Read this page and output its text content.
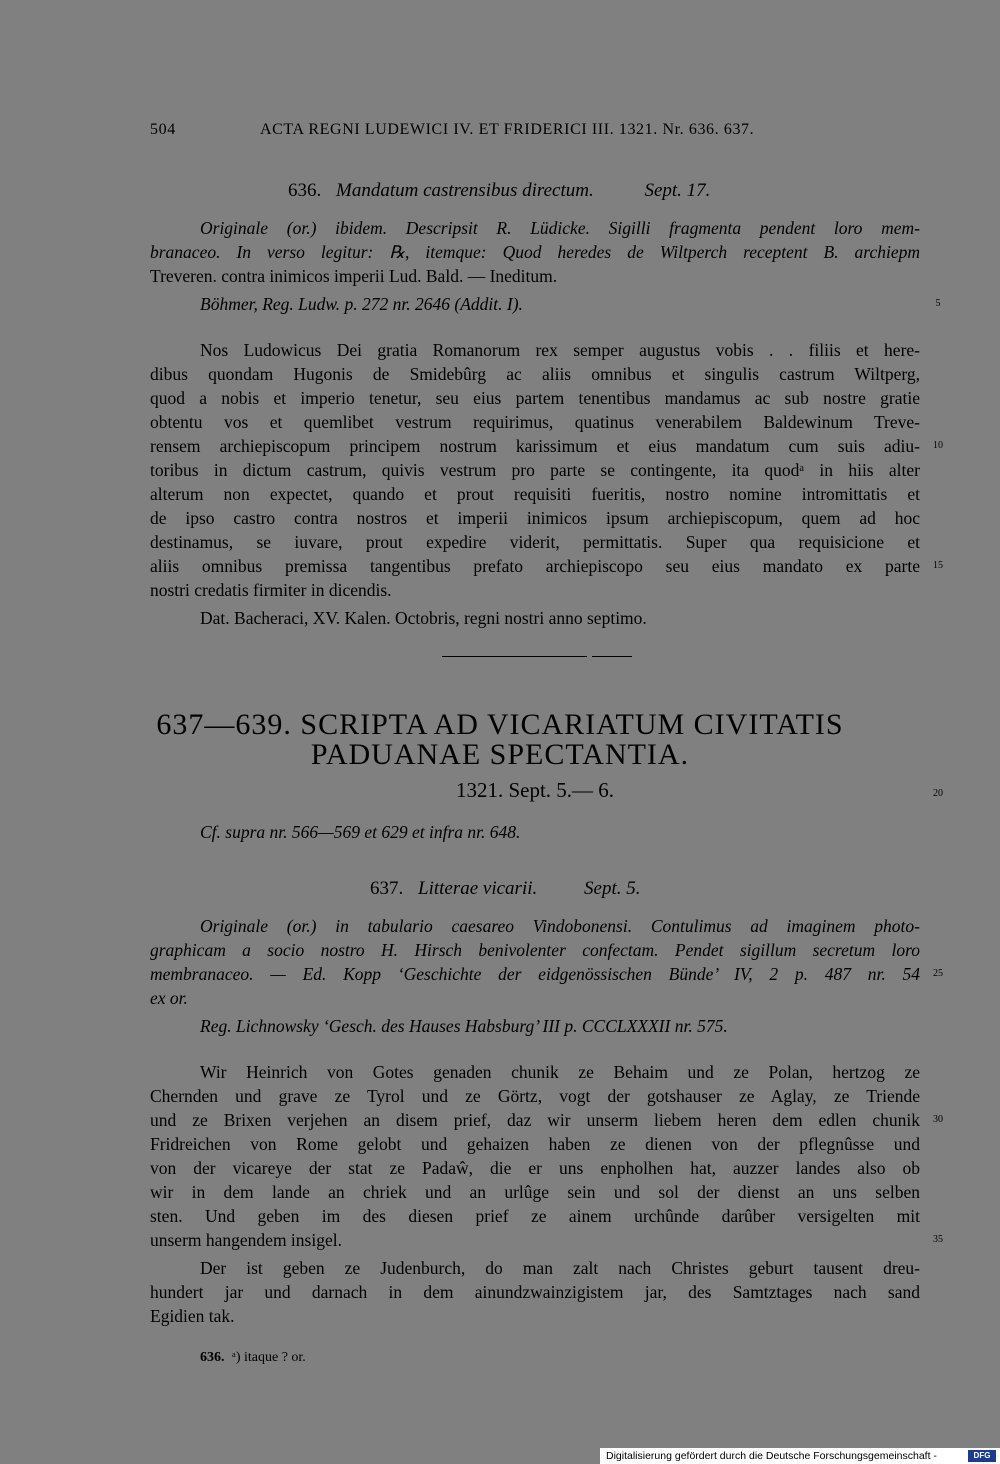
504	ACTA REGNI LUDEWICI IV. ET FRIDERICI III. 1321. Nr. 636. 637.
636. Mandatum castrensibus directum.	Sept. 17.
Originale (or.) ibidem. Descripsit R. Lüdicke. Sigilli fragmenta pendent loro mem-
branaceo. In verso legitur: ℞, itemque: Quod heredes de Wiltperch receptent B. archiepm
Treveren. contra inimicos imperii Lud. Bald. — Ineditum.
Böhmer, Reg. Ludw. p. 272 nr. 2646 (Addit. I).	5
Nos Ludowicus Dei gratia Romanorum rex semper augustus vobis . . filiis et here-
dibus quondam Hugonis de Smidebûrg ac aliis omnibus et singulis castrum Wiltperg,
quod a nobis et imperio tenetur, seu eius partem tenentibus mandamus ac sub nostre gratie
obtentu vos et quemlibet vestrum requirimus, quatinus venerabilem Baldewinum Treve-
rensem archiepiscopum principem nostrum karissimum et eius mandatum cum suis adiu-	10
toribus in dictum castrum, quivis vestrum pro parte se contingente, ita quodᵃ in hiis alter
alterum non expectet, quando et prout requisiti fueritis, nostro nomine intromittatis et
de ipso castro contra nostros et imperii inimicos ipsum archiepiscopum, quem ad hoc
destinamus, se iuvare, prout expedire viderit, permittatis. Super qua requisicione et
aliis omnibus premissa tangentibus prefato archiepiscopo seu eius mandato ex parte	15
nostri credatis firmiter in dicendis.
Dat. Bacheraci, XV. Kalen. Octobris, regni nostri anno septimo.
637—639. SCRIPTA AD VICARIATUM CIVITATIS
PADUANAE SPECTANTIA.
1321. Sept. 5.— 6.	20
Cf. supra nr. 566—569 et 629 et infra nr. 648.
637. Litterae vicarii. Sept. 5.
Originale (or.) in tabulario caesareo Vindobonensi. Contulimus ad imaginem photo-
graphicam a socio nostro H. Hirsch benivolenter confectam. Pendet sigillum secretum loro
membranaceo. — Ed. Kopp ‘Geschichte der eidgenössischen Bünde’ IV, 2 p. 487 nr. 54	25
ex or.
Reg. Lichnowsky ‘Gesch. des Hauses Habsburg’ III p. CCCLXXXII nr. 575.
Wir Heinrich von Gotes genaden chunik ze Behaim und ze Polan, hertzog ze
Chernden und grave ze Tyrol und ze Görtz, vogt der gotshauser ze Aglay, ze Triende
und ze Brixen verjehen an disem prief, daz wir unserm liebem heren dem edlen chunik	30
Fridreichen von Rome gelobt und gehaizen haben ze dienen von der pflegnûsse und
von der vicareye der stat ze Padaŵ, die er uns enpholhen hat, auzzer landes also ob
wir in dem lande an chriek und an urlûge sein und sol der dienst an uns selben
sten. Und geben im des diesen prief ze ainem urchûnde darûber versigelten mit
unserm hangendem insigel.	35
Der ist geben ze Judenburch, do man zalt nach Christes geburt tausent dreu-
hundert jar und darnach in dem ainundzwainzigistem jar, des Samtztages nach sand
Egidien tak.
636. ᵃ) itaque ? or.
Digitalisierung gefördert durch die Deutsche Forschungsgemeinschaft -	DFG
